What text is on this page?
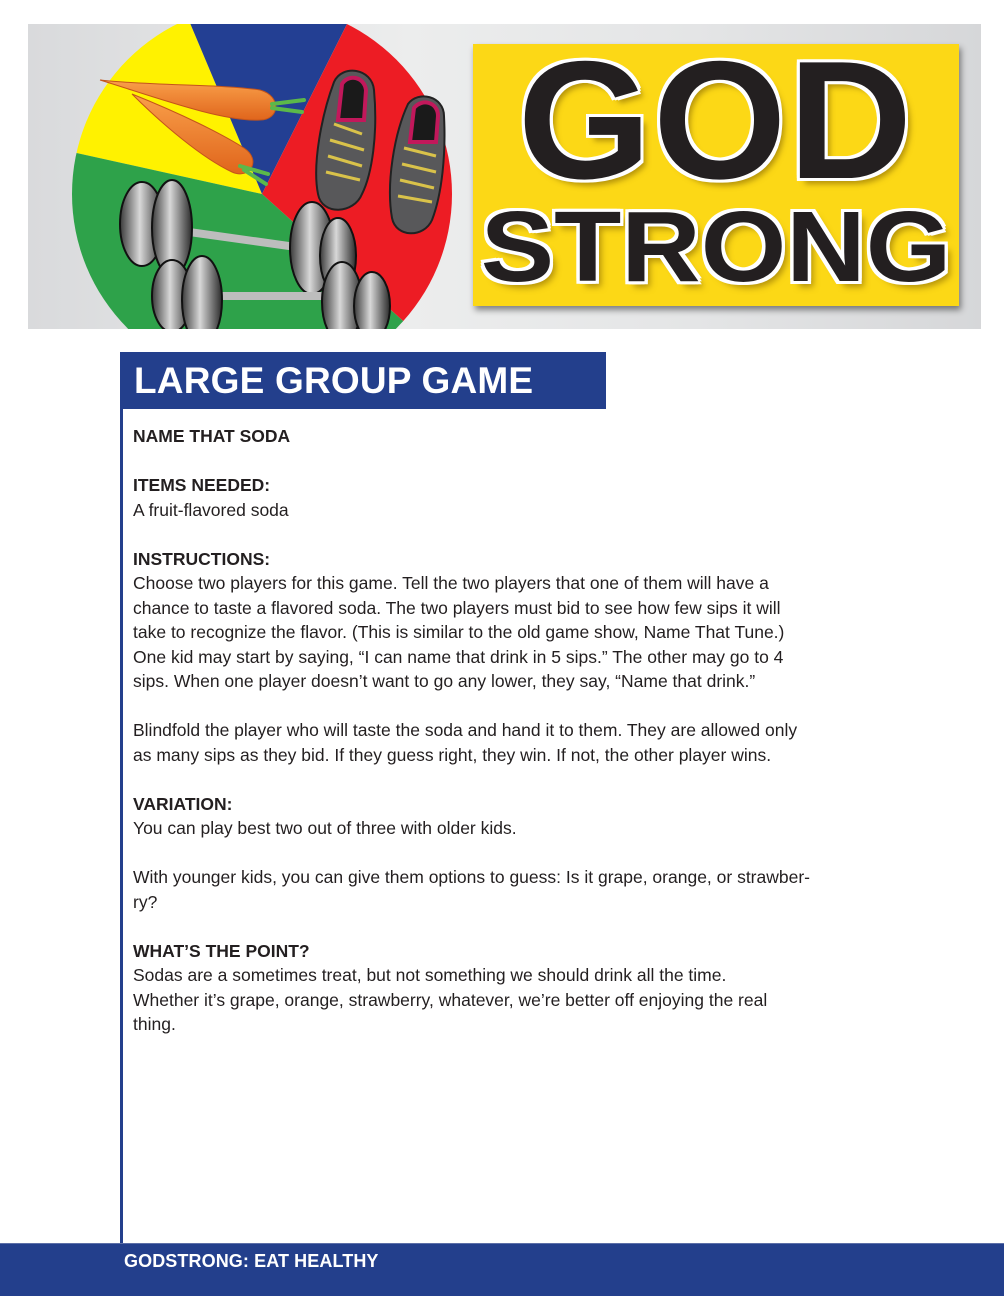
GOD
STRONG
LARGE GROUP GAME

NAME THAT SODA

ITEMS NEEDED:

A fruit-flavored soda

INSTRUCTIONS:

Choose two players for this game. Tell the two players that one of them will have a

chance to taste a flavored soda. The two players must bid to see how few sips it will

take to recognize the flavor. (This is similar to the old game show, Name That Tune.)

One kid may start by saying, “I can name that drink in 5 sips.” The other may go to 4

sips. When one player doesn’t want to go any lower, they say, “Name that drink.”

Blindfold the player who will taste the soda and hand it to them. They are allowed only

as many sips as they bid. If they guess right, they win. If not, the other player wins.

VARIATION:

You can play best two out of three with older kids.

With younger kids, you can give them options to guess: Is it grape, orange, or strawber-

ry?

WHAT’S THE POINT?

Sodas are a sometimes treat, but not something we should drink all the time.

Whether it’s grape, orange, strawberry, whatever, we’re better off enjoying the real

thing.

GODSTRONG: EAT HEALTHY
